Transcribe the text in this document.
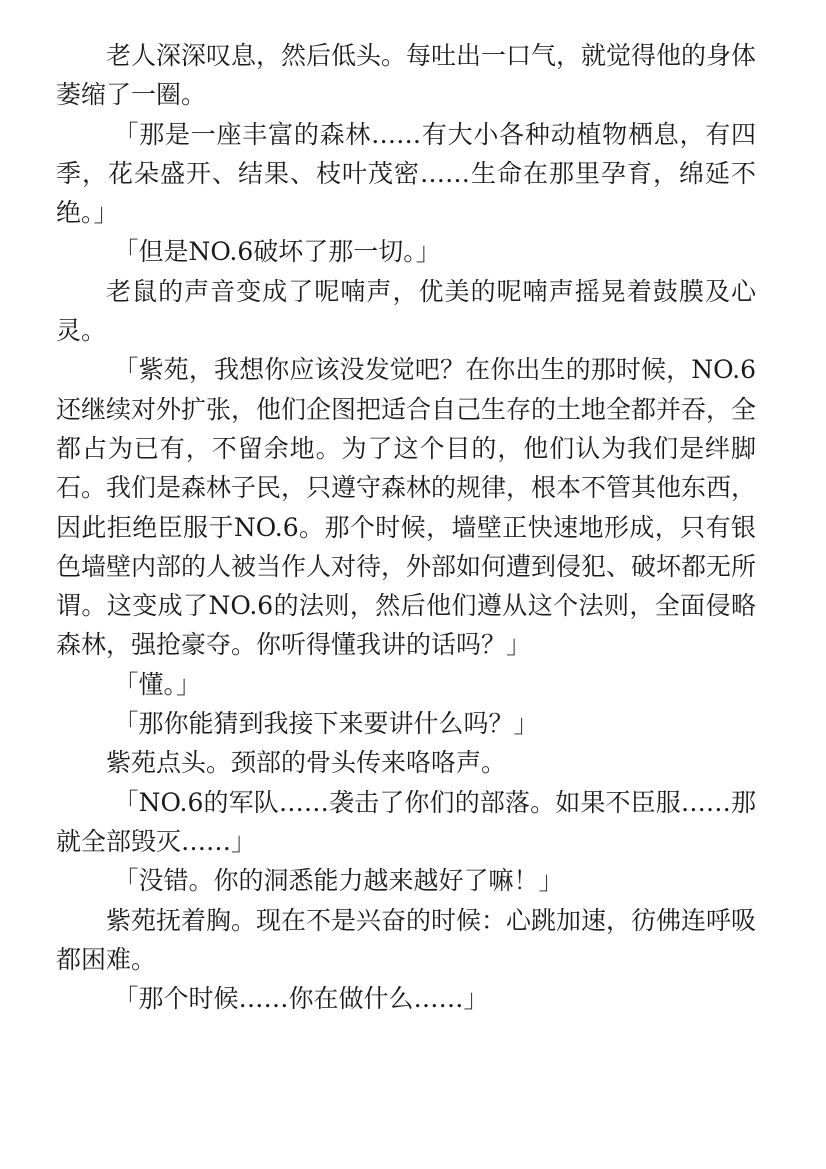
老人深深叹息，然后低头。每吐出一口气，就觉得他的身体萎缩了一圈。

「那是一座丰富的森林……有大小各种动植物栖息，有四季，花朵盛开、结果、枝叶茂密……生命在那里孕育，绵延不绝。」

「但是NO.6破坏了那一切。」

老鼠的声音变成了呢喃声，优美的呢喃声摇晃着鼓膜及心灵。

「紫苑，我想你应该没发觉吧？在你出生的那时候，NO.6还继续对外扩张，他们企图把适合自己生存的土地全都并吞，全都占为已有，不留余地。为了这个目的，他们认为我们是绊脚石。我们是森林子民，只遵守森林的规律，根本不管其他东西，因此拒绝臣服于NO.6。那个时候，墙壁正快速地形成，只有银色墙壁内部的人被当作人对待，外部如何遭到侵犯、破坏都无所谓。这变成了NO.6的法则，然后他们遵从这个法则，全面侵略森林，强抢豪夺。你听得懂我讲的话吗？」

「懂。」

「那你能猜到我接下来要讲什么吗？」

紫苑点头。颈部的骨头传来咯咯声。

「NO.6的军队……袭击了你们的部落。如果不臣服……那就全部毁灭……」

「没错。你的洞悉能力越来越好了嘛！」

紫苑抚着胸。现在不是兴奋的时候：心跳加速，彷佛连呼吸都困难。

「那个时候……你在做什么……」
